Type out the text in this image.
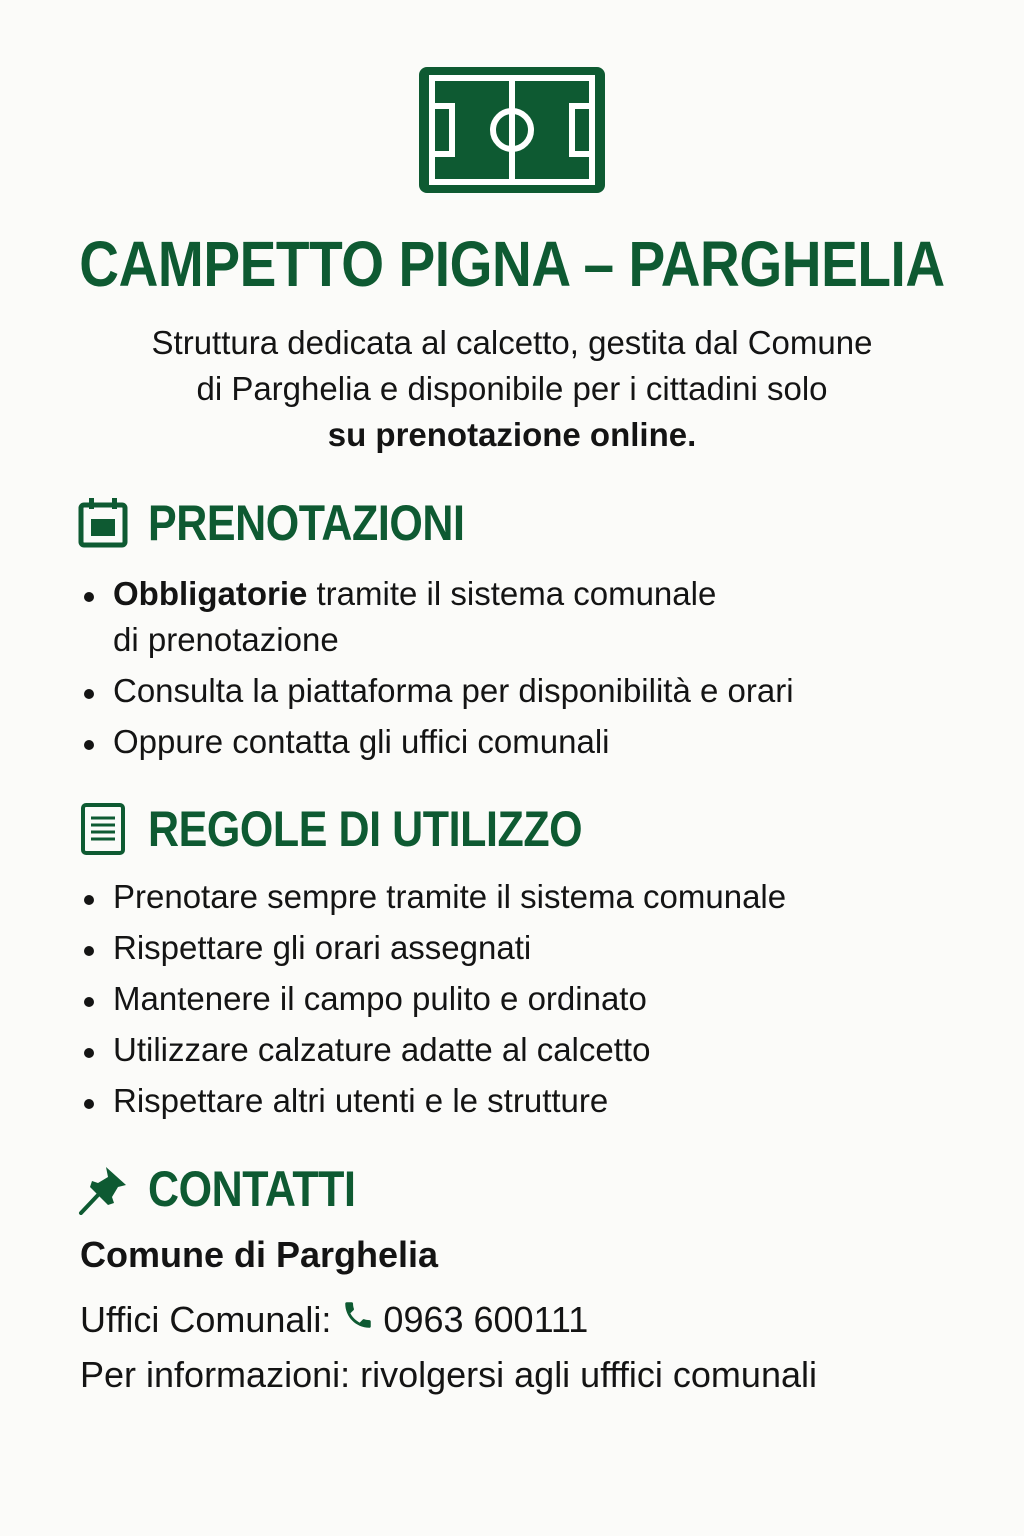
CAMPETTO PIGNA – PARGHELIA
Struttura dedicata al calcetto, gestita dal Comune
di Parghelia e disponibile per i cittadini solo
su prenotazione online.
PRENOTAZIONI
Obbligatorie tramite il sistema comunale
di prenotazione
Consulta la piattaforma per disponibilità e orari
Oppure contatta gli uffici comunali
REGOLE DI UTILIZZO
Prenotare sempre tramite il sistema comunale
Rispettare gli orari assegnati
Mantenere il campo pulito e ordinato
Utilizzare calzature adatte al calcetto
Rispettare altri utenti e le strutture
CONTATTI
Comune di Parghelia
Uffici Comunali: 0963 600111
Per informazioni: rivolgersi agli ufffici comunali
